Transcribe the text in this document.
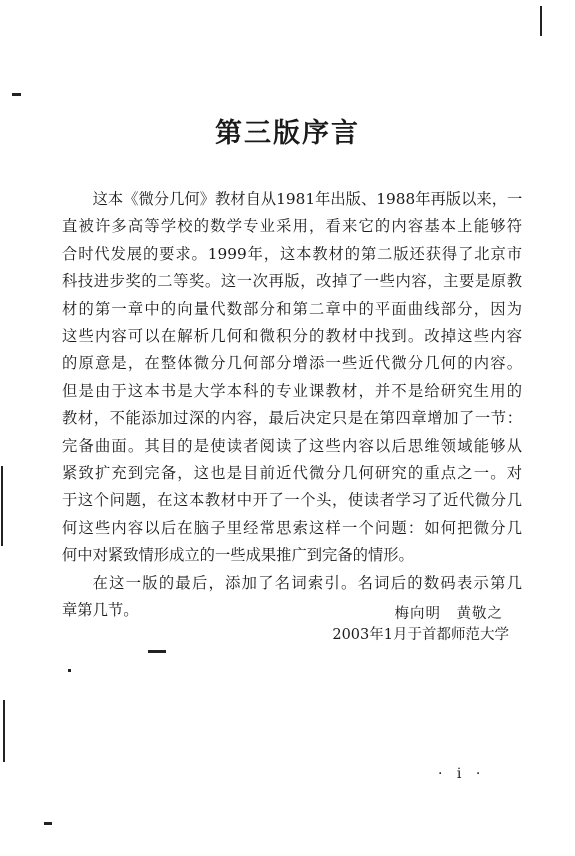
第三版序言
这本《微分几何》教材自从1981年出版、1988年再版以来，一
直被许多高等学校的数学专业采用，看来它的内容基本上能够符
合时代发展的要求。1999年，这本教材的第二版还获得了北京市
科技进步奖的二等奖。这一次再版，改掉了一些内容，主要是原教
材的第一章中的向量代数部分和第二章中的平面曲线部分，因为
这些内容可以在解析几何和微积分的教材中找到。改掉这些内容
的原意是，在整体微分几何部分增添一些近代微分几何的内容。
但是由于这本书是大学本科的专业课教材，并不是给研究生用的
教材，不能添加过深的内容，最后决定只是在第四章增加了一节：
完备曲面。其目的是使读者阅读了这些内容以后思维领域能够从
紧致扩充到完备，这也是目前近代微分几何研究的重点之一。对
于这个问题，在这本教材中开了一个头，使读者学习了近代微分几
何这些内容以后在脑子里经常思索这样一个问题：如何把微分几
何中对紧致情形成立的一些成果推广到完备的情形。
在这一版的最后，添加了名词索引。名词后的数码表示第几
章第几节。	梅向明　黄敬之
2003年1月于首都师范大学
· i ·
